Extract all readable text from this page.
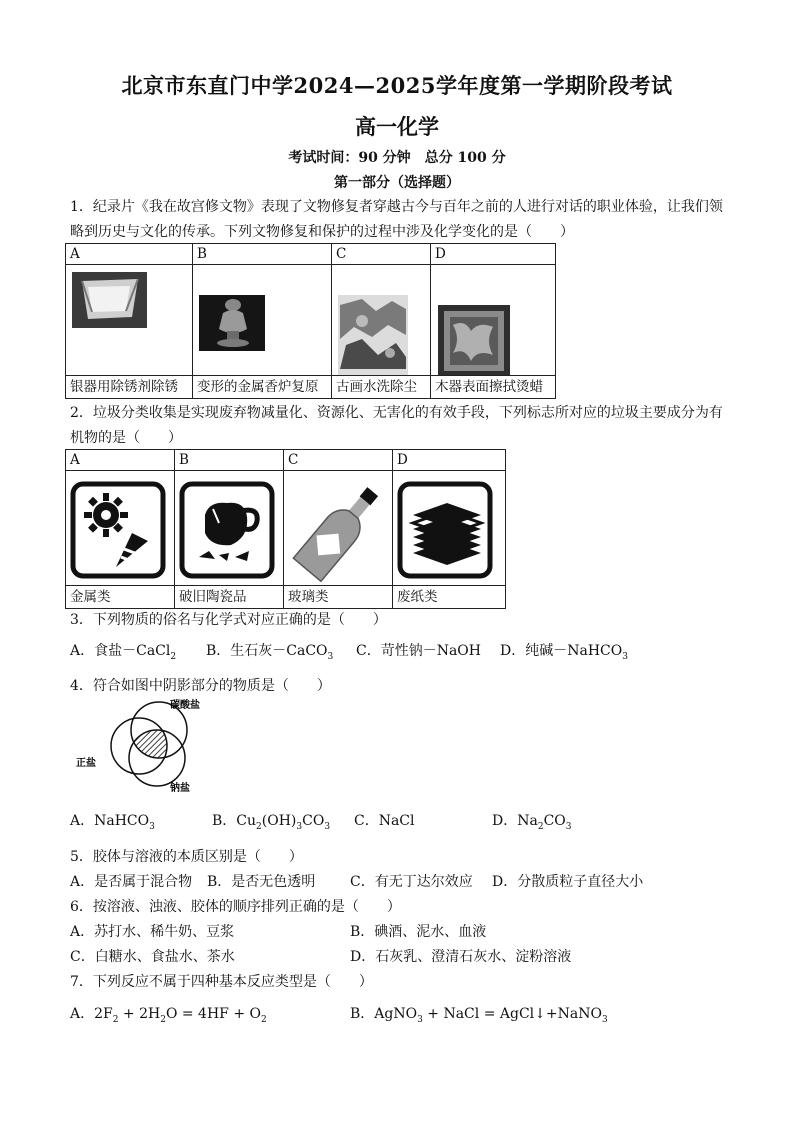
北京市东直门中学2024—2025学年度第一学期阶段考试
高一化学
考试时间：90 分钟　总分 100 分
第一部分（选择题）
1．纪录片《我在故宫修文物》表现了文物修复者穿越古今与百年之前的人进行对话的职业体验，让我们领
略到历史与文化的传承。下列文物修复和保护的过程中涉及化学变化的是（　　）
A	B	C	D

银器用除锈剂除锈	变形的金属香炉复原	古画水洗除尘	木器表面擦拭烫蜡
2．垃圾分类收集是实现废弃物减量化、资源化、无害化的有效手段，下列标志所对应的垃圾主要成分为有
机物的是（　　）
A	B	C	D

金属类	破旧陶瓷品	玻璃类	废纸类
3．下列物质的俗名与化学式对应正确的是（　　）
A．食盐－CaCl$_2$ B．生石灰－CaCO$_3$ C．苛性钠－NaOH D．纯碱－NaHCO$_3$
4．符合如图中阴影部分的物质是（　　）
碳酸盐
正盐
钠盐
A．NaHCO$_3$	B．$Cu_2(OH)_3CO_3$ C．NaCl	D．$Na_2CO_3$
5．胶体与溶液的本质区别是（　　）
A．是否属于混合物 B．是否无色透明 C．有无丁达尔效应 D．分散质粒子直径大小
6．按溶液、浊液、胶体的顺序排列正确的是（　　）
A．苏打水、稀牛奶、豆浆	B．碘酒、泥水、血液
C．白糖水、食盐水、茶水	D．石灰乳、澄清石灰水、淀粉溶液
7．下列反应不属于四种基本反应类型是（　　）
A．$2F_2 + 2H_2O = 4HF + O_2$	B．AgNO$_3$ + NaCl = AgCl↓+NaNO$_3$
